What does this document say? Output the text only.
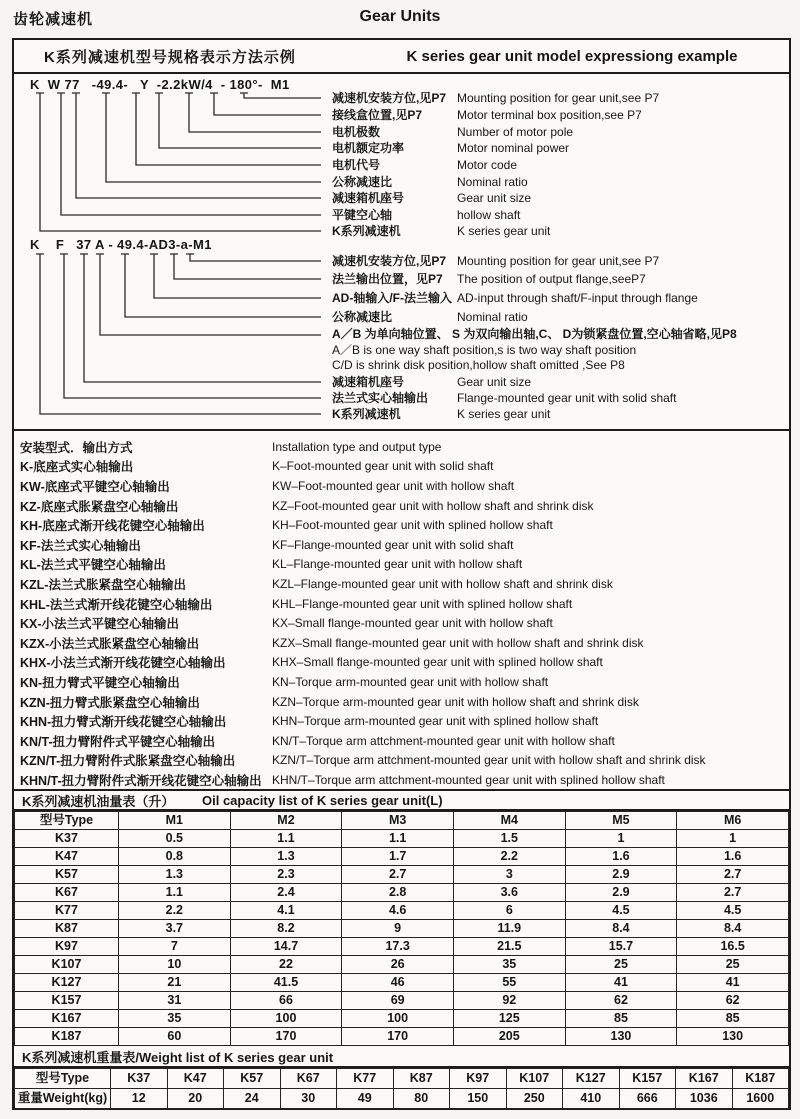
齿轮减速机	Gear Units
K系列减速机型号规格表示方法示例	K series gear unit model expressiong example
K  W 77   -49.4-   Y  -2.2kW/4  - 180°-  M1
K    F   37 A - 49.4-AD3-a-M1
减速机安装方位,见P7 Mounting position for gear unit,see P7
接线盒位置,见P7	Motor terminal box position,see P7
电机极数	Number of motor pole
电机额定功率	Motor nominal power
电机代号	Motor code
公称减速比	Nominal ratio
减速箱机座号	Gear unit size
平键空心轴	hollow shaft
K系列减速机	K series gear unit
减速机安装方位,见P7 Mounting position for gear unit,see P7
法兰输出位置，见P7 The position of output flange,seeP7
AD-轴输入/F-法兰输入 AD-input through shaft/F-input through flange
公称减速比	Nominal ratio
A／B 为单向轴位置、 S 为双向输出轴,C、 D为锁紧盘位置,空心轴省略,见P8
A／B is one way shaft position,s is two way shaft position
C/D is shrink disk position,hollow shaft omitted ,See P8
减速箱机座号	Gear unit size
法兰式实心轴输出 Flange-mounted gear unit with solid shaft
K系列减速机	K series gear unit
安装型式．输出方式	Installation type and output type
K-底座式实心轴输出	K–Foot-mounted gear unit with solid shaft
KW-底座式平键空心轴输出	KW–Foot-mounted gear unit with hollow shaft
KZ-底座式胀紧盘空心轴输出	KZ–Foot-mounted gear unit with hollow shaft and shrink disk
KH-底座式渐开线花键空心轴输出	KH–Foot-mounted gear unit with splined hollow shaft
KF-法兰式实心轴输出	KF–Flange-mounted gear unit with solid shaft
KL-法兰式平键空心轴输出	KL–Flange-mounted gear unit with hollow shaft
KZL-法兰式胀紧盘空心轴输出	KZL–Flange-mounted gear unit with hollow shaft and shrink disk
KHL-法兰式渐开线花键空心轴输出	KHL–Flange-mounted gear unit with splined hollow shaft
KX-小法兰式平键空心轴输出	KX–Small flange-mounted gear unit with hollow shaft
KZX-小法兰式胀紧盘空心轴输出	KZX–Small flange-mounted gear unit with hollow shaft and shrink disk
KHX-小法兰式渐开线花键空心轴输出	KHX–Small flange-mounted gear unit with splined hollow shaft
KN-扭力臂式平键空心轴输出	KN–Torque arm-mounted gear unit with hollow shaft
KZN-扭力臂式胀紧盘空心轴输出	KZN–Torque arm-mounted gear unit with hollow shaft and shrink disk
KHN-扭力臂式渐开线花键空心轴输出	KHN–Torque arm-mounted gear unit with splined hollow shaft
KN/T-扭力臂附件式平键空心轴输出	KN/T–Torque arm attchment-mounted gear unit with hollow shaft
KZN/T-扭力臂附件式胀紧盘空心轴输出	KZN/T–Torque arm attchment-mounted gear unit with hollow shaft and shrink disk
KHN/T-扭力臂附件式渐开线花键空心轴输出 KHN/T–Torque arm attchment-mounted gear unit with splined hollow shaft
K系列减速机油量表（升）	Oil capacity list of K series gear unit(L)
型号Type	M1	M2	M3	M4	M5	M6
K37	0.5	1.1	1.1	1.5	1	1
K47	0.8	1.3	1.7	2.2	1.6	1.6
K57	1.3	2.3	2.7	3	2.9	2.7
K67	1.1	2.4	2.8	3.6	2.9	2.7
K77	2.2	4.1	4.6	6	4.5	4.5
K87	3.7	8.2	9	11.9	8.4	8.4
K97	7	14.7	17.3	21.5	15.7	16.5
K107	10	22	26	35	25	25
K127	21	41.5	46	55	41	41
K157	31	66	69	92	62	62
K167	35	100	100	125	85	85
K187	60	170	170	205	130	130
K系列减速机重量表/Weight list of K series gear unit
型号Type	K37	K47	K57	K67	K77	K87	K97	K107	K127	K157	K167	K187
重量Weight(kg)	12	20	24	30	49	80	150	250	410	666	1036	1600
